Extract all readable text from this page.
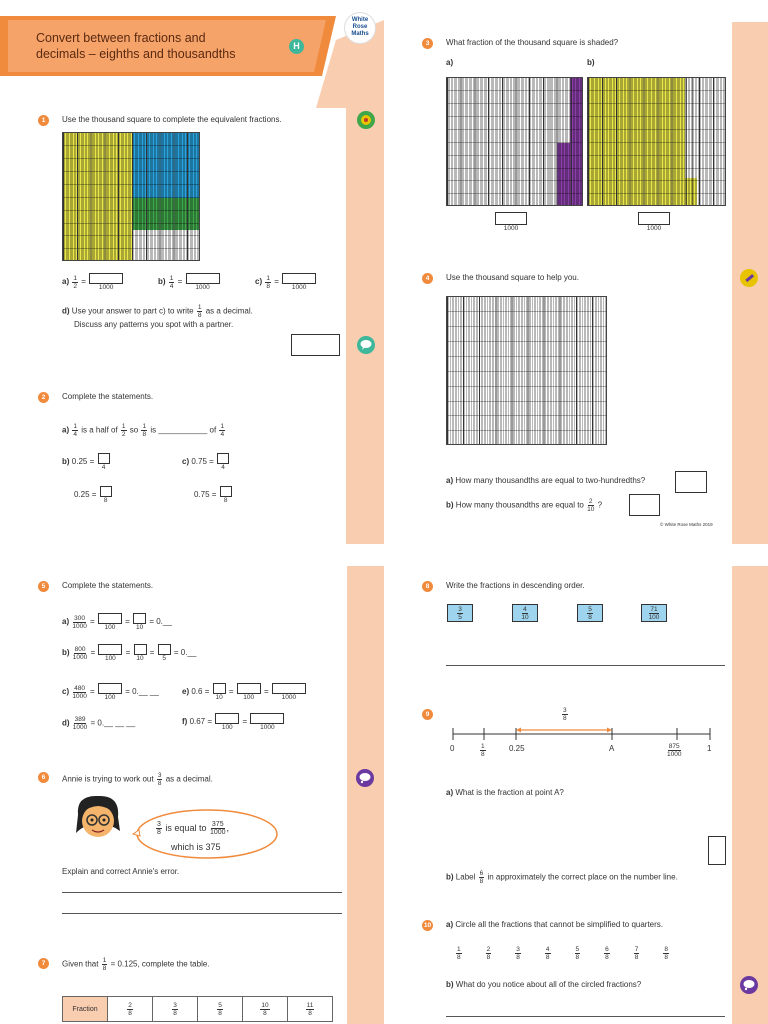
Convert between fractions and
decimals – eighths and thousandths
H
White
Rose
Maths
1	Use the thousand square to complete the equivalent fractions.
$a) \frac{1}{2}$ =
1000
$b) \frac{1}{4}$ =
1000
$c) \frac{1}{8}$ =
1000
d) Use your answer to part c) to write $\frac{1}{8}$ as a decimal.
Discuss any patterns you spot with a partner.
2	Complete the statements.
$a) \frac{1}{4}$ is a half of $\frac{1}{2}$ so $\frac{1}{8}$ is ___________ of $\frac{1}{4}$
b) 0.25 =
4
0.25 =
8
c) 0.75 =
4
0.75 =
8
3	What fraction of the thousand square is shaded?
a)	b)
1000	1000
4	Use the thousand square to help you.
a) How many thousandths are equal to two-hundredths?
b) How many thousandths are equal to $\frac{2}{10}$ ?
© White Rose Maths 2019
5	Complete the statements.
$a) \frac{300}{1000}$ =
100
=
10
= 0.__
$b) \frac{800}{1000}$ =
100
=
10
=
5
= 0.__
$c) \frac{480}{1000}$ =
100
= 0.__ __	e) 0.6 =
10
=
100
=
1000
$d) \frac{389}{1000}$ = 0.__ __ __	f) 0.67 =
100
=
1000
6	Annie is trying to work out $\frac{3}{8}$ as a decimal.
$\frac{3}{8}$ is equal to $\frac{375}{1000}$ ,
which is 375
Explain and correct Annie's error.
7	Given that $\frac{1}{8} = 0.125$, complete the table.
Fraction	$\frac{2}{8}$	$\frac{3}{8}$	$\frac{5}{8}$	$\frac{10}{8}$	$\frac{11}{8}$
8	Write the fractions in descending order.
$\frac{3}{5}$	$\frac{4}{10}$	$\frac{5}{8}$	$\frac{71}{100}$
9	$\frac{3}{8}$
0	$\frac{1}{8}$	0.25	A	$\frac{875}{1000}$	1
a) What is the fraction at point A?
b) Label $\frac{6}{8}$ in approximately the correct place on the number line.
10 a) Circle all the fractions that cannot be simplified to quarters.
$\frac{1}{8}$	$\frac{2}{8}$	$\frac{3}{8}$	$\frac{4}{8}$	$\frac{5}{8}$	$\frac{6}{8}$	$\frac{7}{8}$	$\frac{8}{8}$
b) What do you notice about all of the circled fractions?
